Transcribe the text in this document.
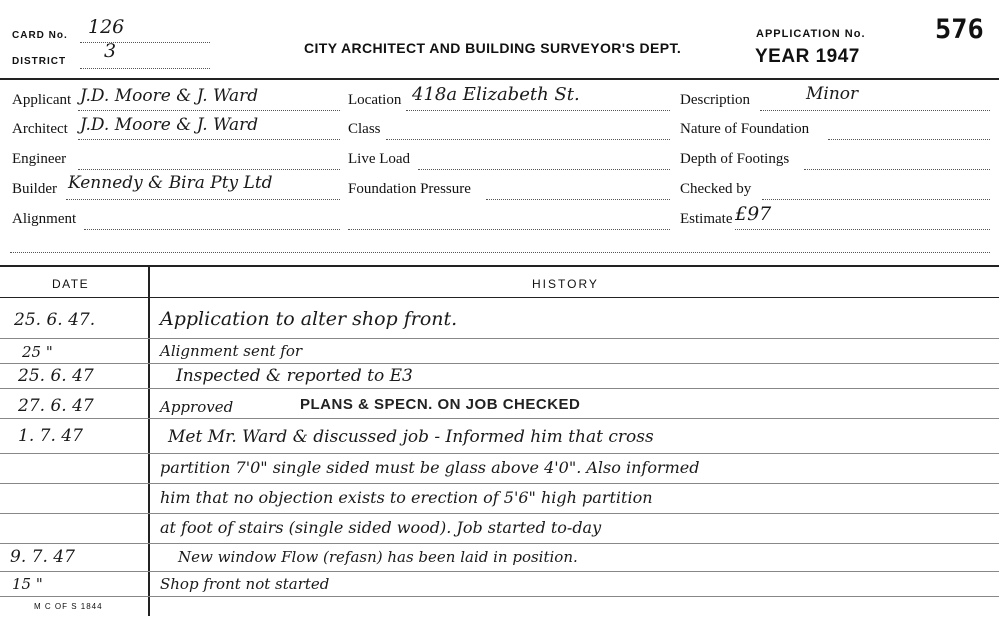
CARD No. 126
DISTRICT 3	CITY ARCHITECT AND BUILDING SURVEYOR'S DEPT.
APPLICATION No.	576
YEAR 1947
Applicant J.D. Moore & J. Ward
Architect J.D. Moore & J. Ward
Engineer
Builder Kennedy & Bira Pty Ltd
Alignment
Location 418a Elizabeth St.
Class
Live Load
Foundation Pressure
Description	Minor
Nature of Foundation
Depth of Footings
Checked by
Estimate £97
DATE	HISTORY
25. 6. 47.	Application to alter shop front.
25 "	Alignment sent for
25. 6. 47	Inspected & reported to E3
27. 6. 47	Approved	PLANS & SPECN. ON JOB CHECKED
1. 7. 47	Met Mr. Ward & discussed job - Informed him that cross
partition 7'0" single sided must be glass above 4'0". Also informed
him that no objection exists to erection of 5'6" high partition
at foot of stairs (single sided wood). Job started to-day
9. 7. 47	New window Flow (refasn) has been laid in position.
15 "	Shop front not started
M C OF S 1844
